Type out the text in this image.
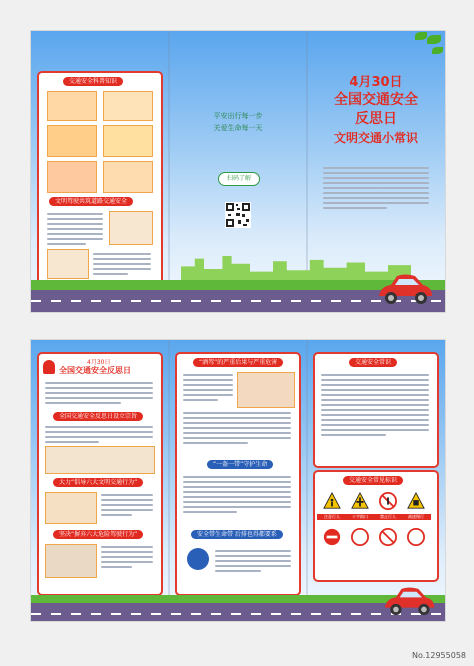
交通安全科普知识
文明驾驶共筑道路交通安全
平安出行每一步
关爱生命每一天
扫码了解
4月30日
全国交通安全
反思日
文明交通小常识
4月30日
全国交通安全反思日
全国交通安全反思日设立宗旨
大力“倡导六大文明交通行为”
坚决“摒弃六大危险驾驶行为”
“酒驾”的严重后果与严重危害
“一盔一带”守护生命
安全带生命带 后排也得都要系
交通安全常识
交通安全常见标识
注意行人	十字路口	禁止行人	减速慢行
No.12955058
